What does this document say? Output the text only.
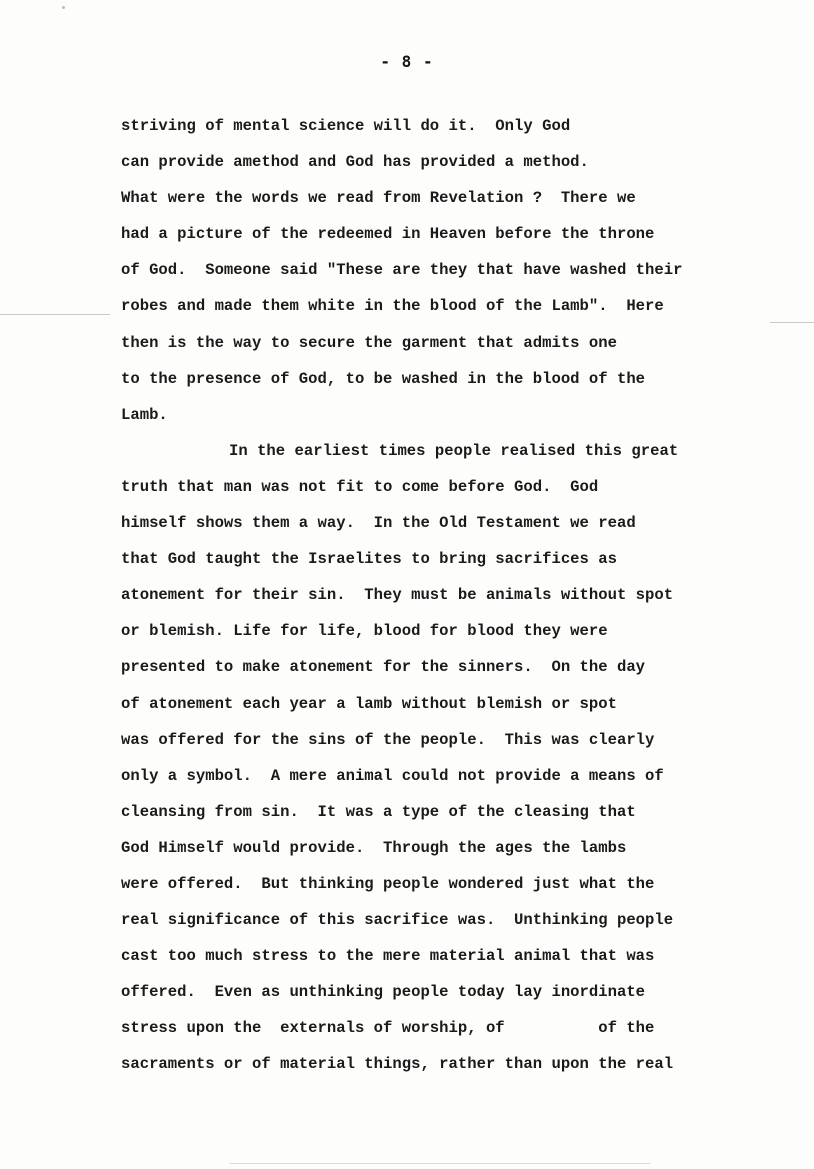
- 8 -
striving of mental science will do it.  Only God
can provide amethod and God has provided a method.
What were the words we read from Revelation ?  There we
had a picture of the redeemed in Heaven before the throne
of God.  Someone said "These are they that have washed their
robes and made them white in the blood of the Lamb".  Here
then is the way to secure the garment that admits one
to the presence of God, to be washed in the blood of the
Lamb.
In the earliest times people realised this great
truth that man was not fit to come before God.  God
himself shows them a way.  In the Old Testament we read
that God taught the Israelites to bring sacrifices as
atonement for their sin.  They must be animals without spot
or blemish. Life for life, blood for blood they were
presented to make atonement for the sinners.  On the day
of atonement each year a lamb without blemish or spot
was offered for the sins of the people.  This was clearly
only a symbol.  A mere animal could not provide a means of
cleansing from sin.  It was a type of the cleasing that
God Himself would provide.  Through the ages the lambs
were offered.  But thinking people wondered just what the
real significance of this sacrifice was.  Unthinking people
cast too much stress to the mere material animal that was
offered.  Even as unthinking people today lay inordinate
stress upon the  externals of worship, of          of the
sacraments or of material things, rather than upon the real
